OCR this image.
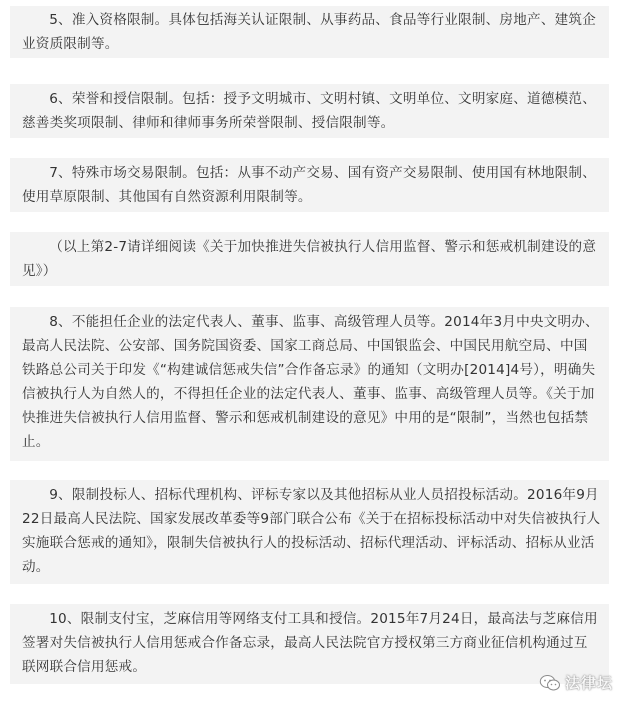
5、准入资格限制。具体包括海关认证限制、从事药品、食品等行业限制、房地产、建筑企业资质限制等。

6、荣誉和授信限制。包括：授予文明城市、文明村镇、文明单位、文明家庭、道德模范、慈善类奖项限制、律师和律师事务所荣誉限制、授信限制等。

7、特殊市场交易限制。包括：从事不动产交易、国有资产交易限制、使用国有林地限制、使用草原限制、其他国有自然资源利用限制等。

（以上第2-7请详细阅读《关于加快推进失信被执行人信用监督、警示和惩戒机制建设的意见》）

8、不能担任企业的法定代表人、董事、监事、高级管理人员等。2014年3月中央文明办、最高人民法院、公安部、国务院国资委、国家工商总局、中国银监会、中国民用航空局、中国铁路总公司关于印发《“构建诚信惩戒失信”合作备忘录》的通知（文明办[2014]4号），明确失信被执行人为自然人的，不得担任企业的法定代表人、董事、监事、高级管理人员等。《关于加快推进失信被执行人信用监督、警示和惩戒机制建设的意见》中用的是“限制”，当然也包括禁止。

9、限制投标人、招标代理机构、评标专家以及其他招标从业人员招投标活动。2016年9月22日最高人民法院、国家发展改革委等9部门联合公布《关于在招标投标活动中对失信被执行人实施联合惩戒的通知》，限制失信被执行人的投标活动、招标代理活动、评标活动、招标从业活动。

10、限制支付宝，芝麻信用等网络支付工具和授信。2015年7月24日，最高法与芝麻信用签署对失信被执行人信用惩戒合作备忘录，最高人民法院官方授权第三方商业征信机构通过互联网联合信用惩戒。

法律坛
